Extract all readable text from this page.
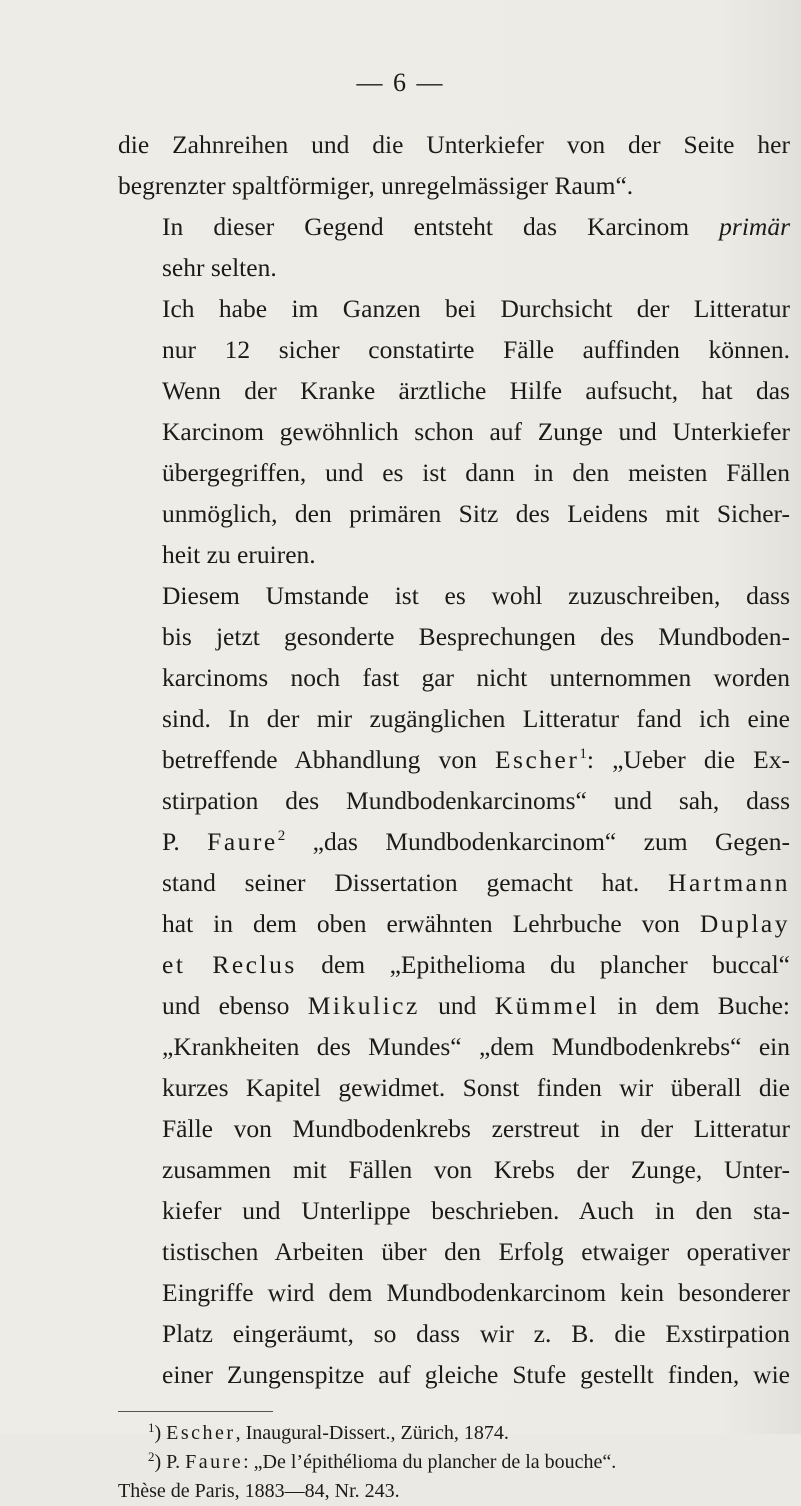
— 6 —

die Zahnreihen und die Unterkiefer von der Seite her
begrenzter spaltförmiger, unregelmässiger Raum“.

In dieser Gegend entsteht das Karcinom primär
sehr selten.

Ich habe im Ganzen bei Durchsicht der Litteratur
nur 12 sicher constatirte Fälle auffinden können.
Wenn der Kranke ärztliche Hilfe aufsucht, hat das
Karcinom gewöhnlich schon auf Zunge und Unterkiefer
übergegriffen, und es ist dann in den meisten Fällen
unmöglich, den primären Sitz des Leidens mit Sicher-
heit zu eruiren.

Diesem Umstande ist es wohl zuzuschreiben, dass
bis jetzt gesonderte Besprechungen des Mundboden-
karcinoms noch fast gar nicht unternommen worden
sind. In der mir zugänglichen Litteratur fand ich eine
betreffende Abhandlung von Escher$^1$: „Ueber die Ex-
stirpation des Mundbodenkarcinoms“ und sah, dass
P. Faure$^2$ „das Mundbodenkarcinom“ zum Gegen-
stand seiner Dissertation gemacht hat. Hartmann
hat in dem oben erwähnten Lehrbuche von Duplay
et Reclus dem „Epithelioma du plancher buccal“
und ebenso Mikulicz und Kümmel in dem Buche:
„Krankheiten des Mundes“ „dem Mundbodenkrebs“ ein
kurzes Kapitel gewidmet. Sonst finden wir überall die
Fälle von Mundbodenkrebs zerstreut in der Litteratur
zusammen mit Fällen von Krebs der Zunge, Unter-
kiefer und Unterlippe beschrieben. Auch in den sta-
tistischen Arbeiten über den Erfolg etwaiger operativer
Eingriffe wird dem Mundbodenkarcinom kein besonderer
Platz eingeräumt, so dass wir z. B. die Exstirpation
einer Zungenspitze auf gleiche Stufe gestellt finden, wie

$^1$) Escher, Inaugural-Dissert., Zürich, 1874.
$^2$) P. Faure: „De l’épithélioma du plancher de la bouche“.
Thèse de Paris, 1883—84, Nr. 243.
